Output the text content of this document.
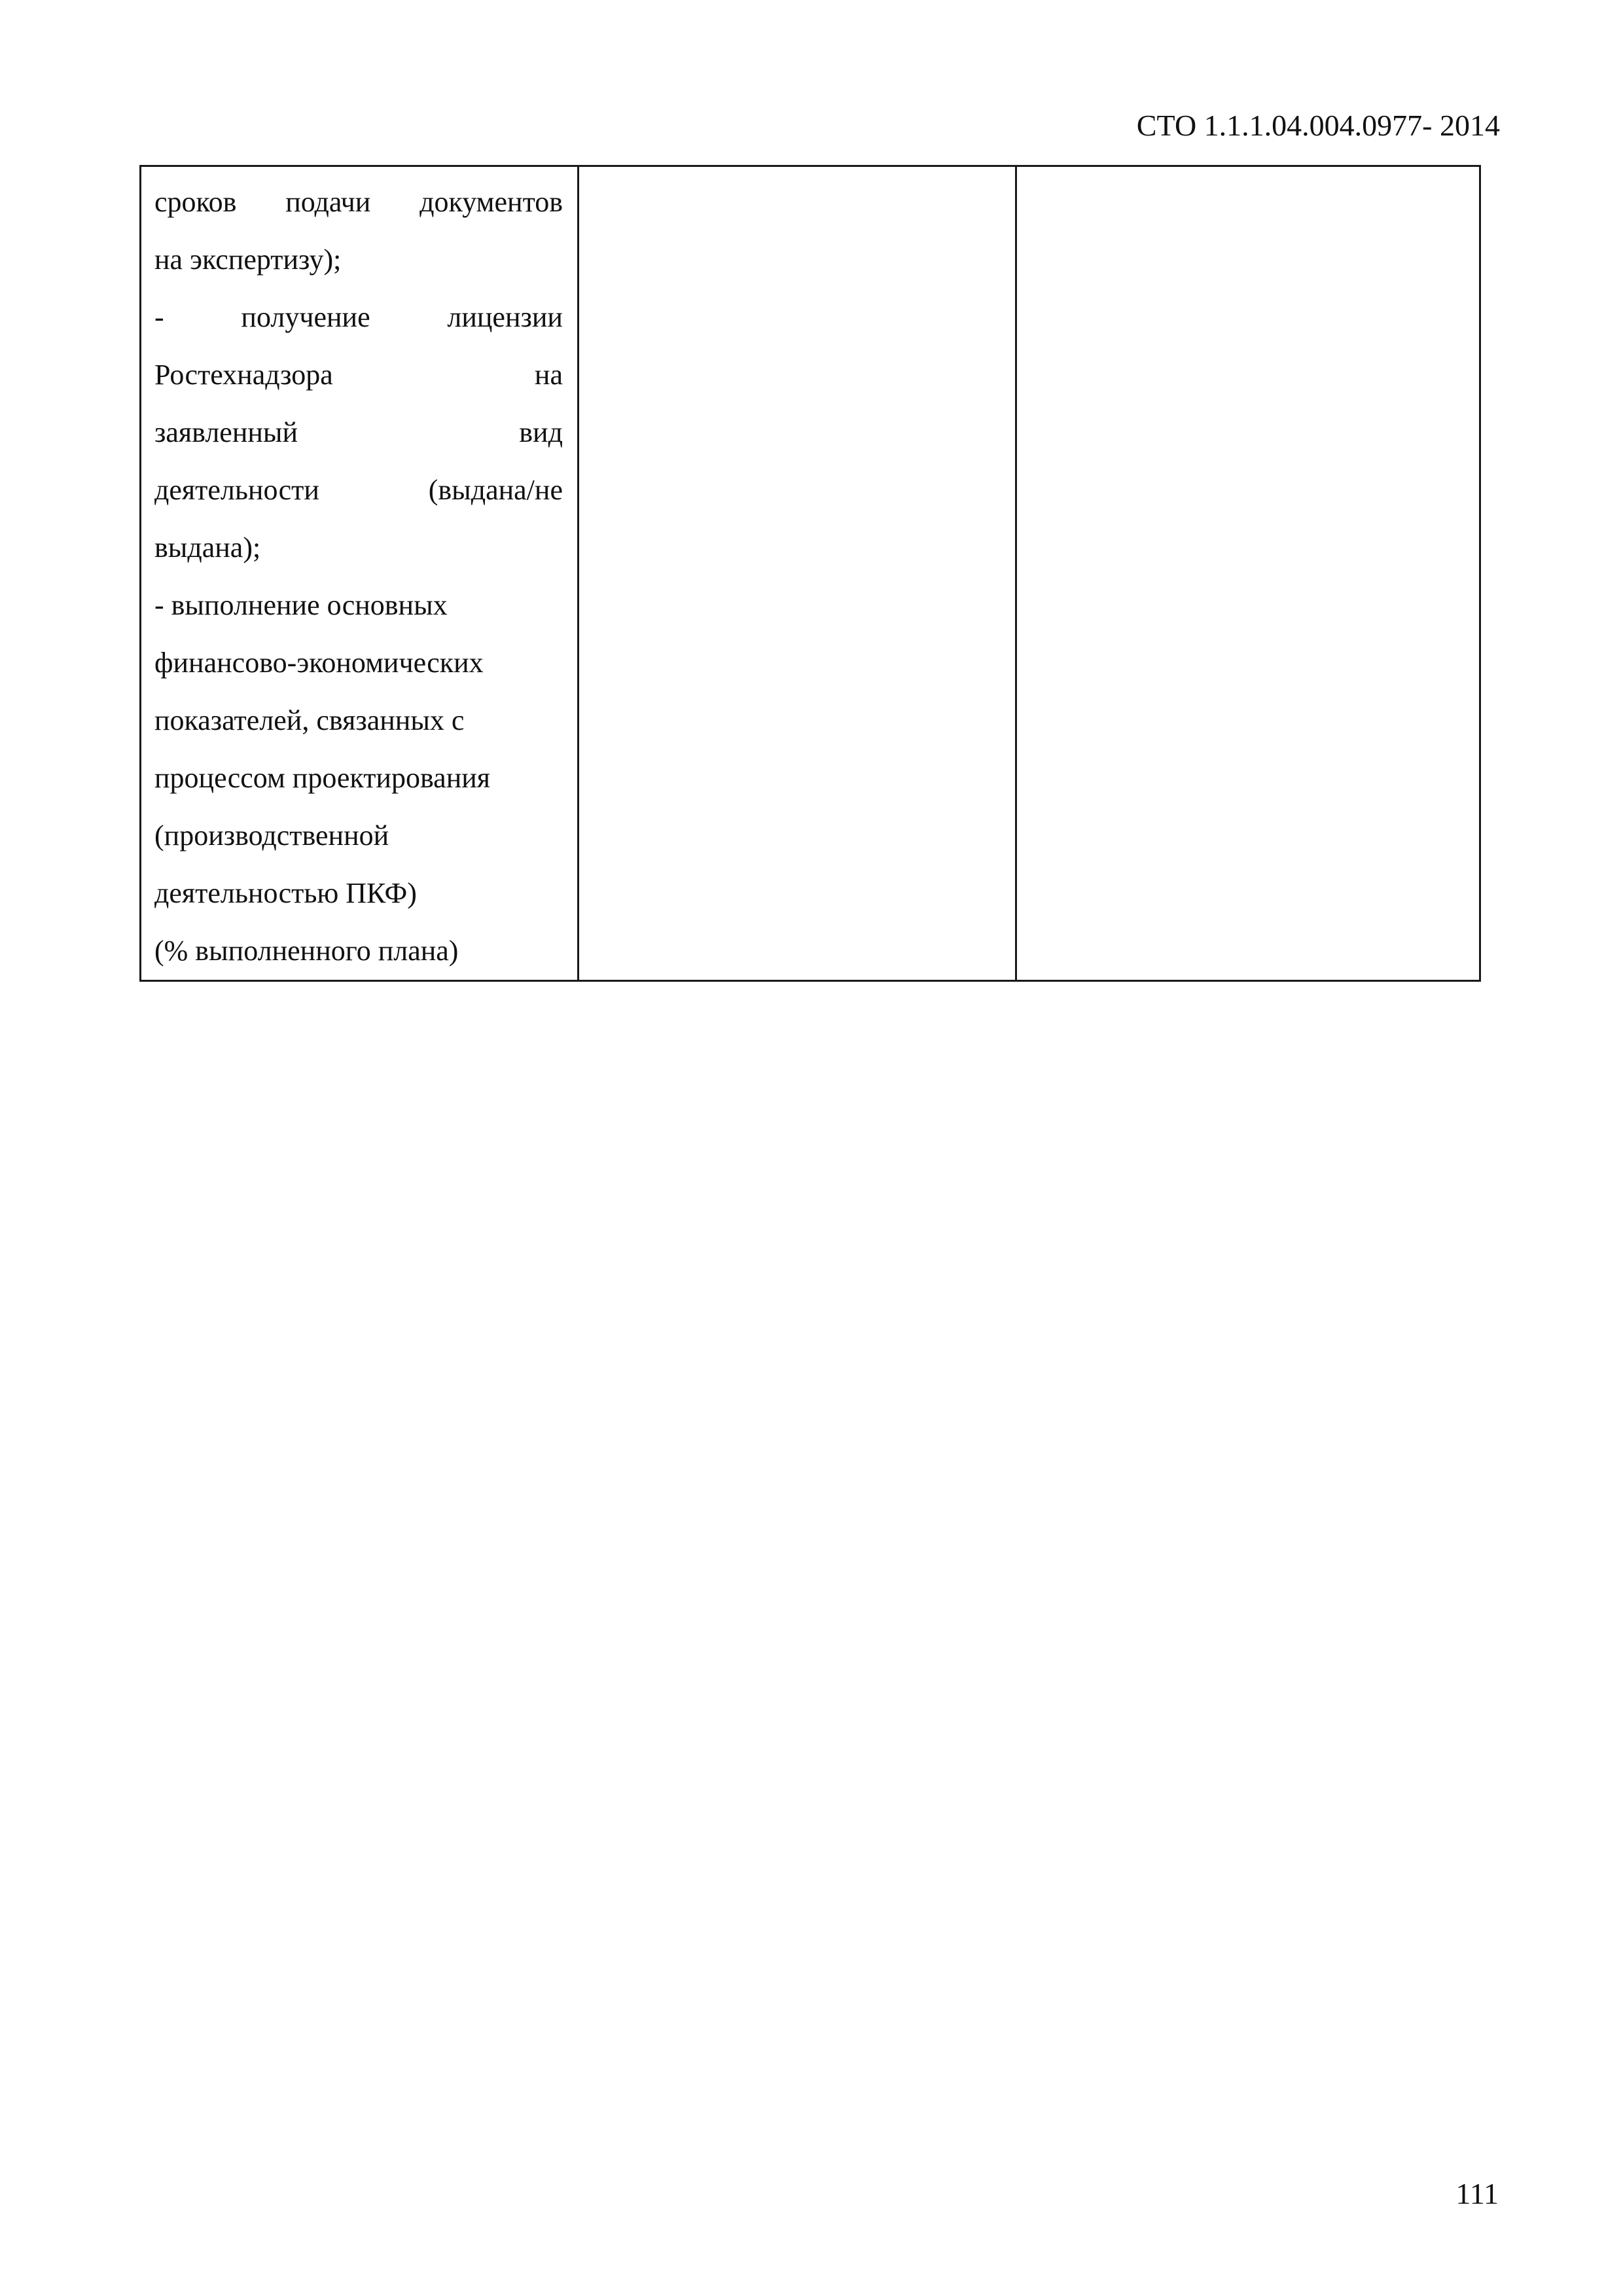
СТО 1.1.1.04.004.0977- 2014
сроков подачи документов
на экспертизу);
-	получение	лицензии
Ростехнадзора	на
заявленный	вид
деятельности	(выдана/не
выдана);
- выполнение основных
финансово-экономических
показателей, связанных с
процессом проектирования
(производственной
деятельностью ПКФ)
(% выполненного плана)

111
